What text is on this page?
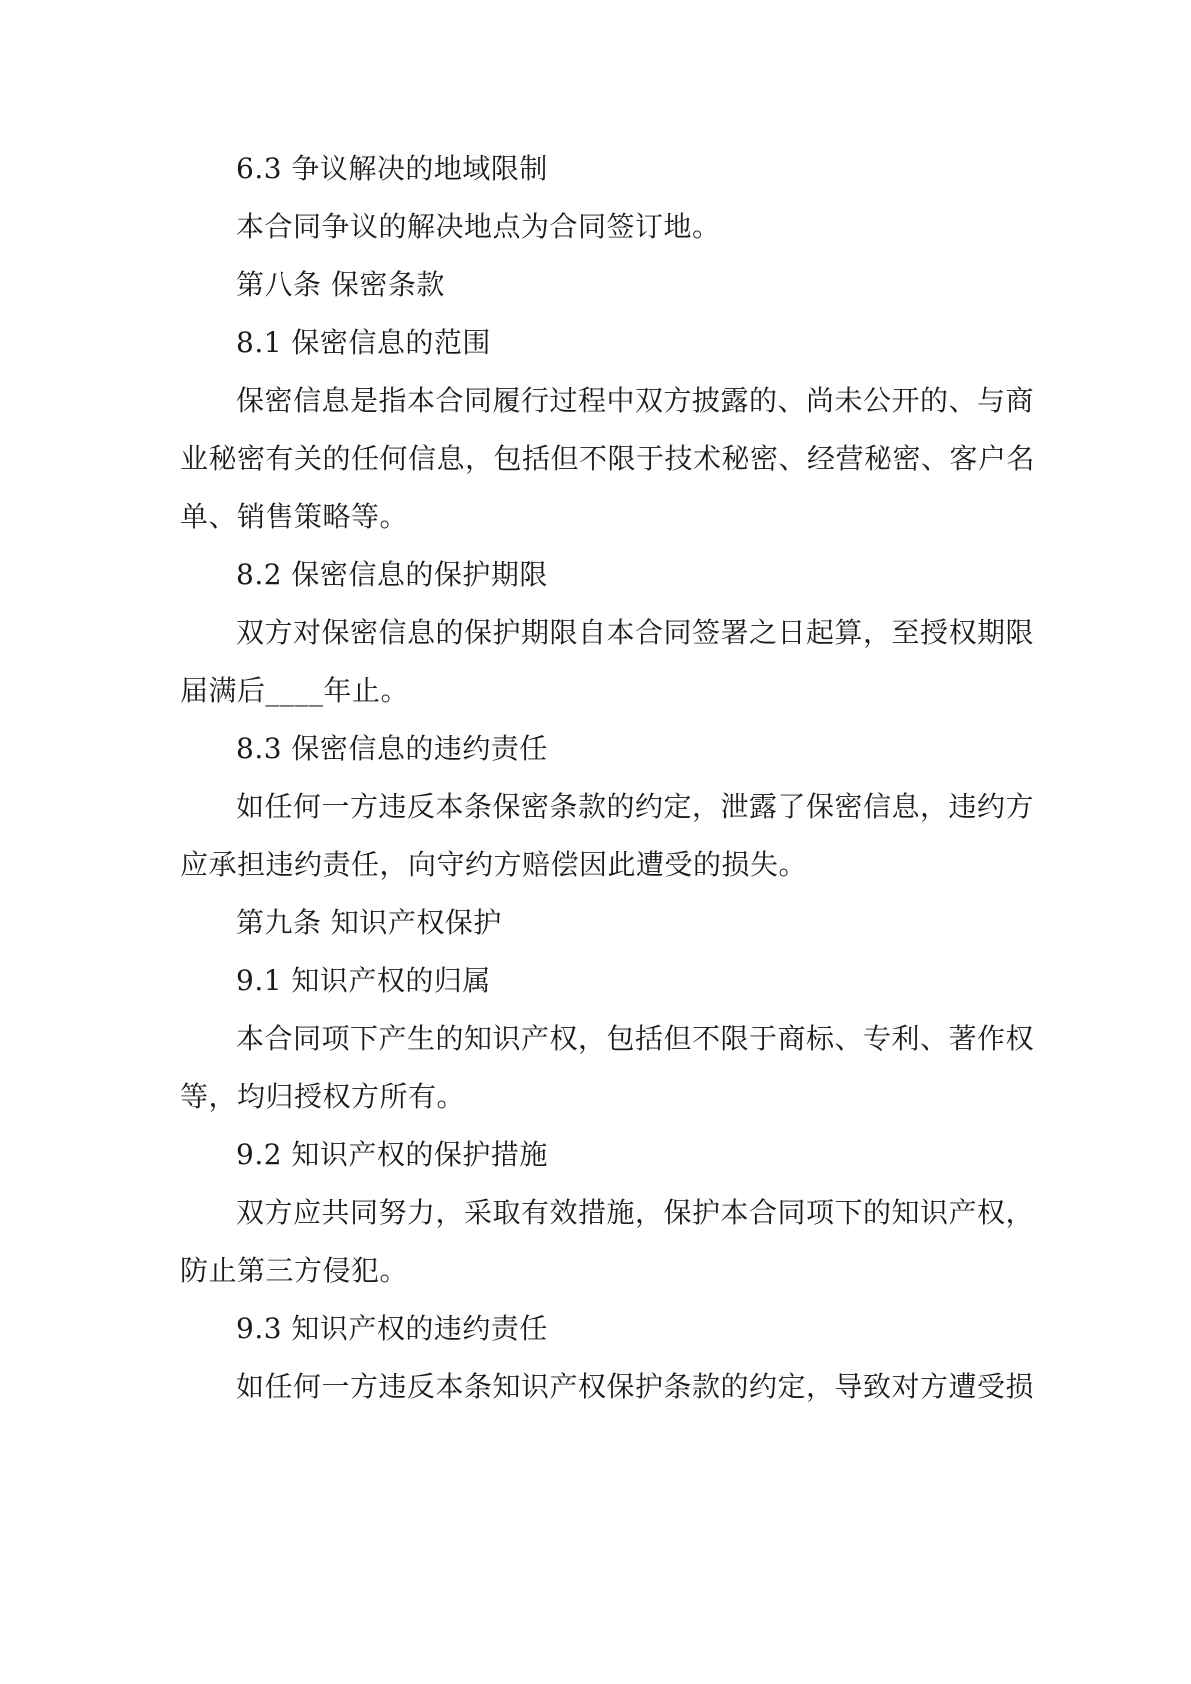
6.3 争议解决的地域限制
本合同争议的解决地点为合同签订地。
第八条 保密条款
8.1 保密信息的范围
保密信息是指本合同履行过程中双方披露的、尚未公开的、与商
业秘密有关的任何信息，包括但不限于技术秘密、经营秘密、客户名
单、销售策略等。
8.2 保密信息的保护期限
双方对保密信息的保护期限自本合同签署之日起算，至授权期限
届满后____年止。
8.3 保密信息的违约责任
如任何一方违反本条保密条款的约定，泄露了保密信息，违约方
应承担违约责任，向守约方赔偿因此遭受的损失。
第九条 知识产权保护
9.1 知识产权的归属
本合同项下产生的知识产权，包括但不限于商标、专利、著作权
等，均归授权方所有。
9.2 知识产权的保护措施
双方应共同努力，采取有效措施，保护本合同项下的知识产权，
防止第三方侵犯。
9.3 知识产权的违约责任
如任何一方违反本条知识产权保护条款的约定，导致对方遭受损
